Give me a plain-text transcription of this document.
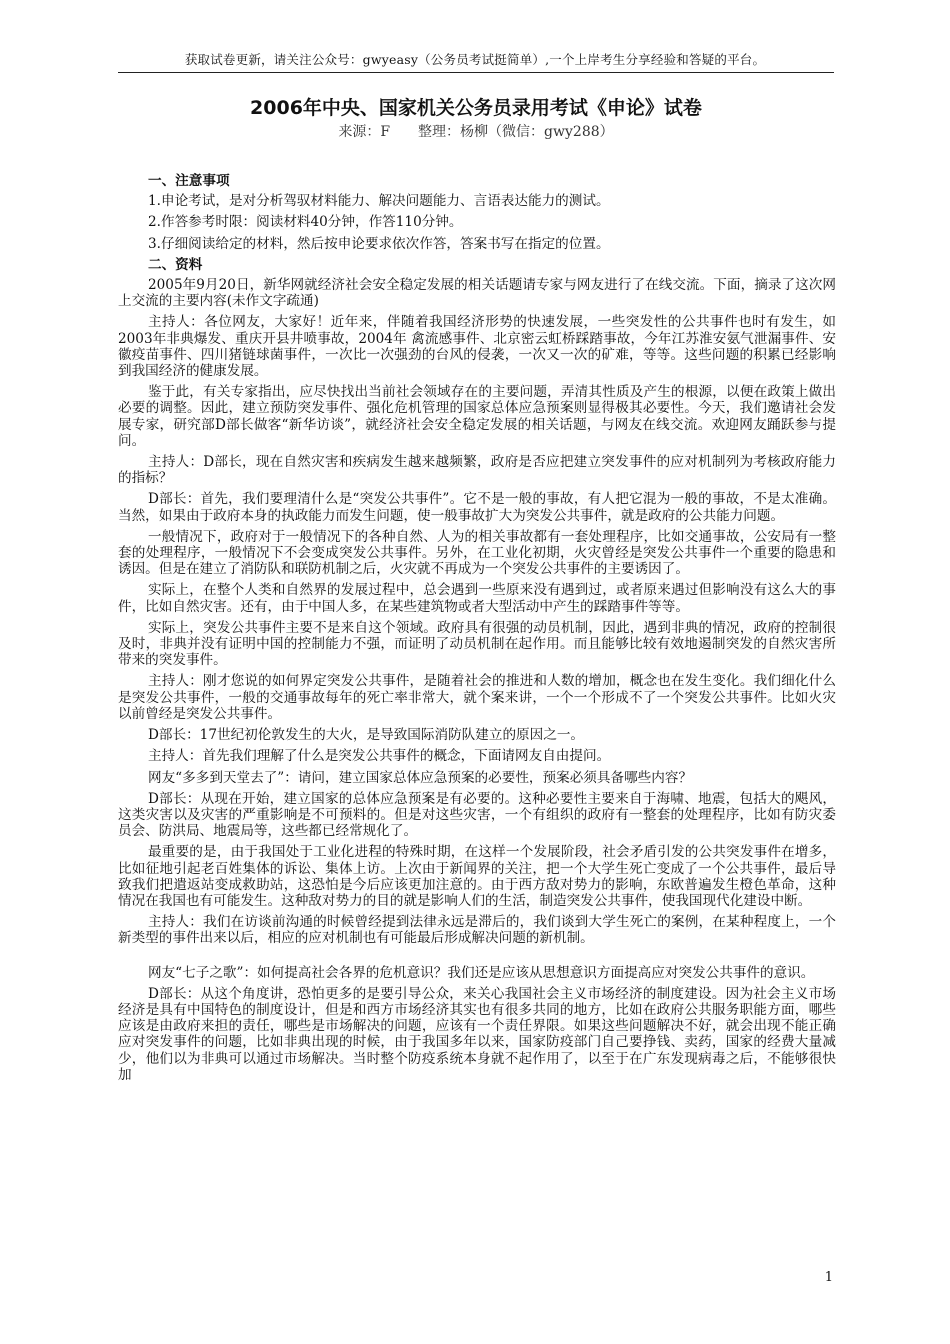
获取试卷更新，请关注公众号：gwyeasy（公务员考试挺简单）,一个上岸考生分享经验和答疑的平台。
2006年中央、国家机关公务员录用考试《申论》试卷
来源：F　　整理：杨柳（微信：gwy288）
一、注意事项
1.申论考试，是对分析驾驭材料能力、解决问题能力、言语表达能力的测试。
2.作答参考时限：阅读材料40分钟，作答110分钟。
3.仔细阅读给定的材料，然后按申论要求依次作答，答案书写在指定的位置。
二、资料
2005年9月20日，新华网就经济社会安全稳定发展的相关话题请专家与网友进行了在线交流。下面，摘录了这次网上交流的主要内容(未作文字疏通)
主持人：各位网友，大家好！近年来，伴随着我国经济形势的快速发展，一些突发性的公共事件也时有发生，如2003年非典爆发、重庆开县井喷事故，2004年 禽流感事件、北京密云虹桥踩踏事故，今年江苏淮安氨气泄漏事件、安徽疫苗事件、四川猪链球菌事件，一次比一次强劲的台风的侵袭，一次又一次的矿难，等等。这些问题的积累已经影响到我国经济的健康发展。
鉴于此，有关专家指出，应尽快找出当前社会领域存在的主要问题，弄清其性质及产生的根源，以便在政策上做出必要的调整。因此，建立预防突发事件、强化危机管理的国家总体应急预案则显得极其必要性。今天，我们邀请社会发展专家，研究部D部长做客“新华访谈”，就经济社会安全稳定发展的相关话题，与网友在线交流。欢迎网友踊跃参与提问。
主持人：D部长，现在自然灾害和疾病发生越来越频繁，政府是否应把建立突发事件的应对机制列为考核政府能力的指标？
D部长：首先，我们要理清什么是“突发公共事件”。它不是一般的事故，有人把它混为一般的事故，不是太准确。当然，如果由于政府本身的执政能力而发生问题，使一般事故扩大为突发公共事件，就是政府的公共能力问题。
一般情况下，政府对于一般情况下的各种自然、人为的相关事故都有一套处理程序，比如交通事故，公安局有一整套的处理程序，一般情况下不会变成突发公共事件。另外，在工业化初期，火灾曾经是突发公共事件一个重要的隐患和诱因。但是在建立了消防队和联防机制之后，火灾就不再成为一个突发公共事件的主要诱因了。
实际上，在整个人类和自然界的发展过程中，总会遇到一些原来没有遇到过，或者原来遇过但影响没有这么大的事件，比如自然灾害。还有，由于中国人多，在某些建筑物或者大型活动中产生的踩踏事件等等。
实际上，突发公共事件主要不是来自这个领域。政府具有很强的动员机制，因此，遇到非典的情况，政府的控制很及时，非典并没有证明中国的控制能力不强，而证明了动员机制在起作用。而且能够比较有效地遏制突发的自然灾害所带来的突发事件。
主持人：刚才您说的如何界定突发公共事件，是随着社会的推进和人数的增加，概念也在发生变化。我们细化什么是突发公共事件，一般的交通事故每年的死亡率非常大，就个案来讲，一个一个形成不了一个突发公共事件。比如火灾以前曾经是突发公共事件。
D部长：17世纪初伦敦发生的大火，是导致国际消防队建立的原因之一。
主持人：首先我们理解了什么是突发公共事件的概念，下面请网友自由提问。
网友“多多到天堂去了”：请问，建立国家总体应急预案的必要性，预案必须具备哪些内容？
D部长：从现在开始，建立国家的总体应急预案是有必要的。这种必要性主要来自于海啸、地震，包括大的飓风，这类灾害以及灾害的严重影响是不可预料的。但是对这些灾害，一个有组织的政府有一整套的处理程序，比如有防灾委员会、防洪局、地震局等，这些都已经常规化了。
最重要的是，由于我国处于工业化进程的特殊时期，在这样一个发展阶段，社会矛盾引发的公共突发事件在增多，比如征地引起老百姓集体的诉讼、集体上访。上次由于新闻界的关注，把一个大学生死亡变成了一个公共事件，最后导致我们把遣返站变成救助站，这恐怕是今后应该更加注意的。由于西方敌对势力的影响，东欧普遍发生橙色革命，这种情况在我国也有可能发生。这种敌对势力的目的就是影响人们的生活，制造突发公共事件，使我国现代化建设中断。
主持人：我们在访谈前沟通的时候曾经提到法律永远是滞后的，我们谈到大学生死亡的案例，在某种程度上，一个新类型的事件出来以后，相应的应对机制也有可能最后形成解决问题的新机制。
网友“七子之歌”：如何提高社会各界的危机意识？我们还是应该从思想意识方面提高应对突发公共事件的意识。
D部长：从这个角度讲，恐怕更多的是要引导公众，来关心我国社会主义市场经济的制度建设。因为社会主义市场经济是具有中国特色的制度设计，但是和西方市场经济其实也有很多共同的地方，比如在政府公共服务职能方面，哪些应该是由政府来担的责任，哪些是市场解决的问题，应该有一个责任界限。如果这些问题解决不好，就会出现不能正确应对突发事件的问题，比如非典出现的时候，由于我国多年以来，国家防疫部门自己要挣钱、卖药，国家的经费大量减少，他们以为非典可以通过市场解决。当时整个防疫系统本身就不起作用了，以至于在广东发现病毒之后，不能够很快加
1
